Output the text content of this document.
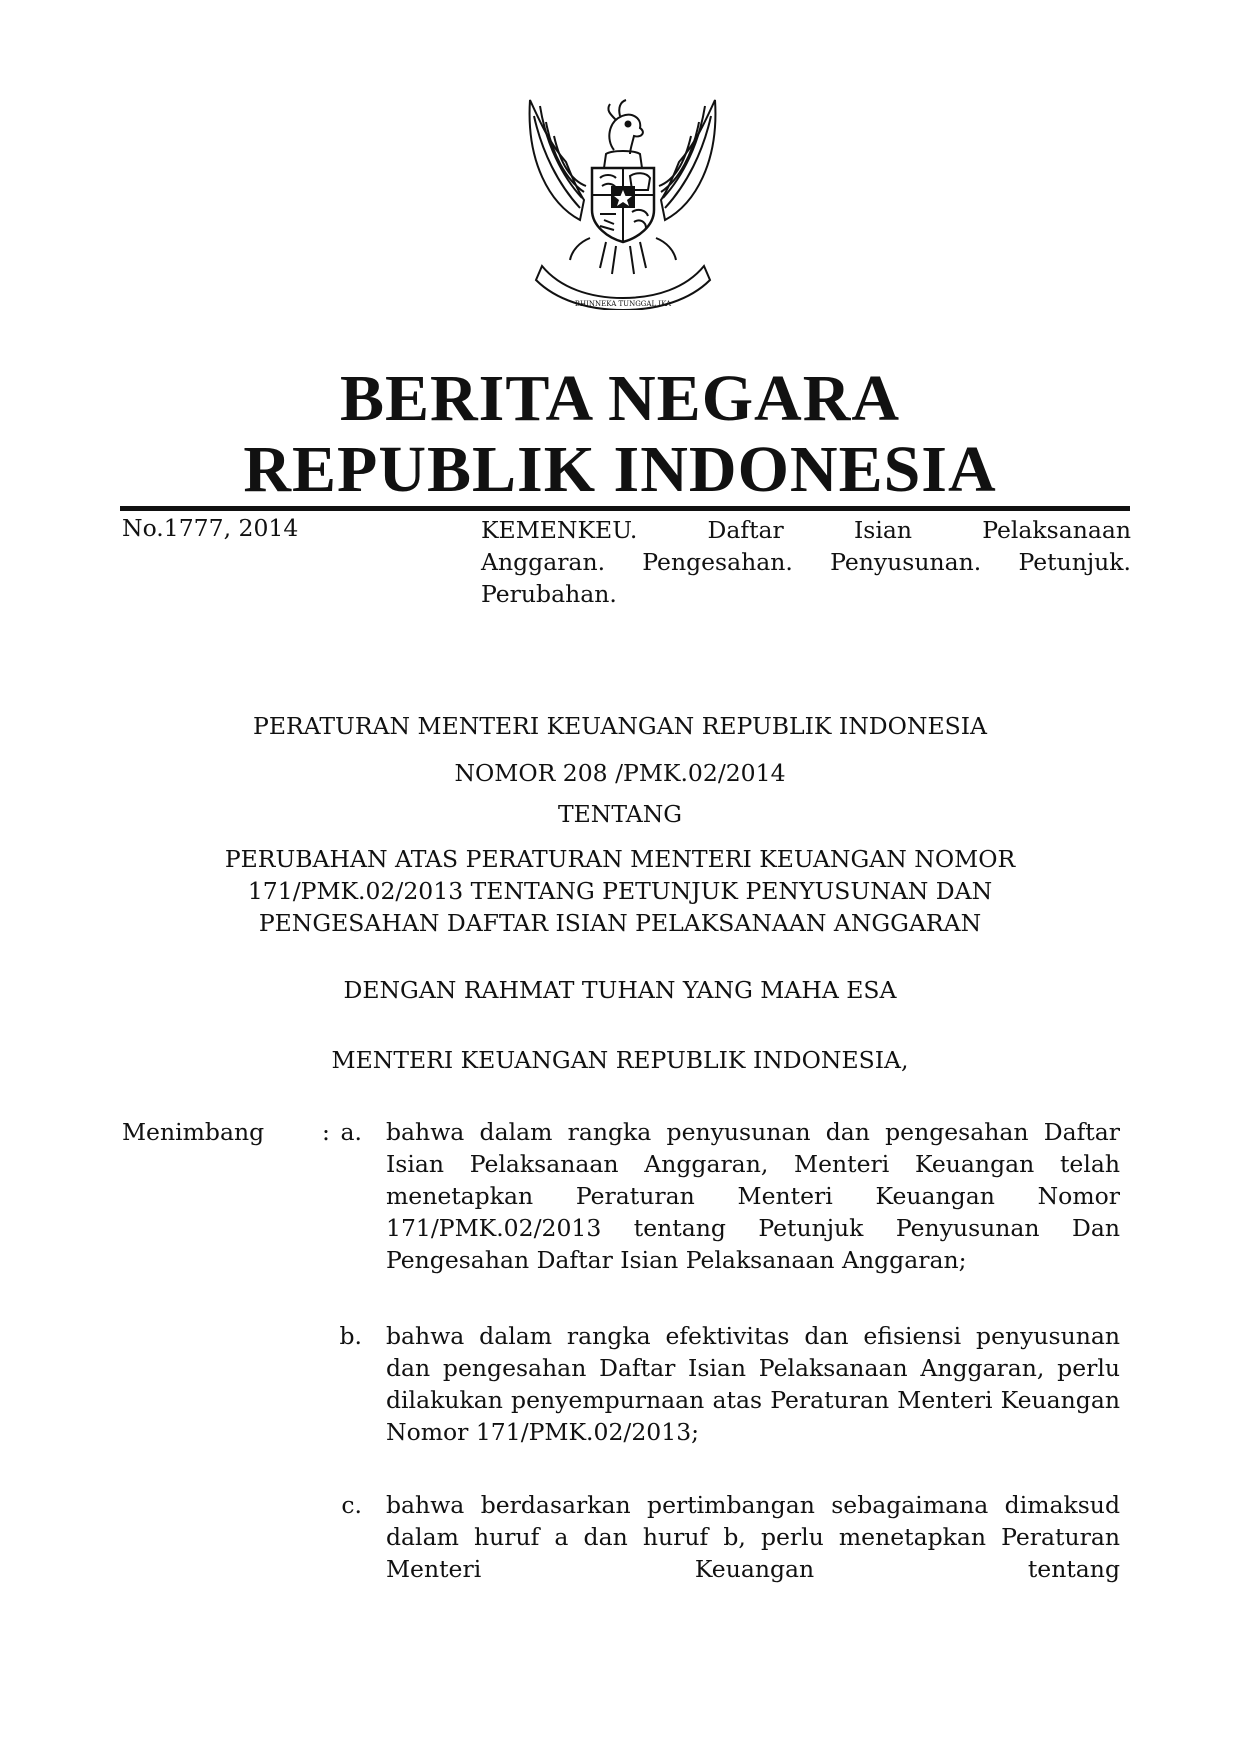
BHINNEKA TUNGGAL IKA
BERITA NEGARA
REPUBLIK INDONESIA
No.1777, 2014	KEMENKEU. Daftar Isian Pelaksanaan
Anggaran. Pengesahan. Penyusunan. Petunjuk. Perubahan.
PERATURAN MENTERI KEUANGAN REPUBLIK INDONESIA
NOMOR 208 /PMK.02/2014
TENTANG
PERUBAHAN ATAS PERATURAN MENTERI KEUANGAN NOMOR
171/PMK.02/2013 TENTANG PETUNJUK PENYUSUNAN DAN
PENGESAHAN DAFTAR ISIAN PELAKSANAAN ANGGARAN
DENGAN RAHMAT TUHAN YANG MAHA ESA
MENTERI KEUANGAN REPUBLIK INDONESIA,
Menimbang : a. bahwa dalam rangka penyusunan dan pengesahan Daftar Isian Pelaksanaan Anggaran, Menteri Keuangan telah menetapkan Peraturan Menteri Keuangan Nomor 171/PMK.02/2013 tentang Petunjuk Penyusunan Dan Pengesahan Daftar Isian Pelaksanaan Anggaran;
b. bahwa dalam rangka efektivitas dan efisiensi penyusunan dan pengesahan Daftar Isian Pelaksanaan Anggaran, perlu dilakukan penyempurnaan atas Peraturan Menteri Keuangan Nomor 171/PMK.02/2013;
c. bahwa berdasarkan pertimbangan sebagaimana dimaksud dalam huruf a dan huruf b, perlu menetapkan Peraturan Menteri Keuangan tentang
